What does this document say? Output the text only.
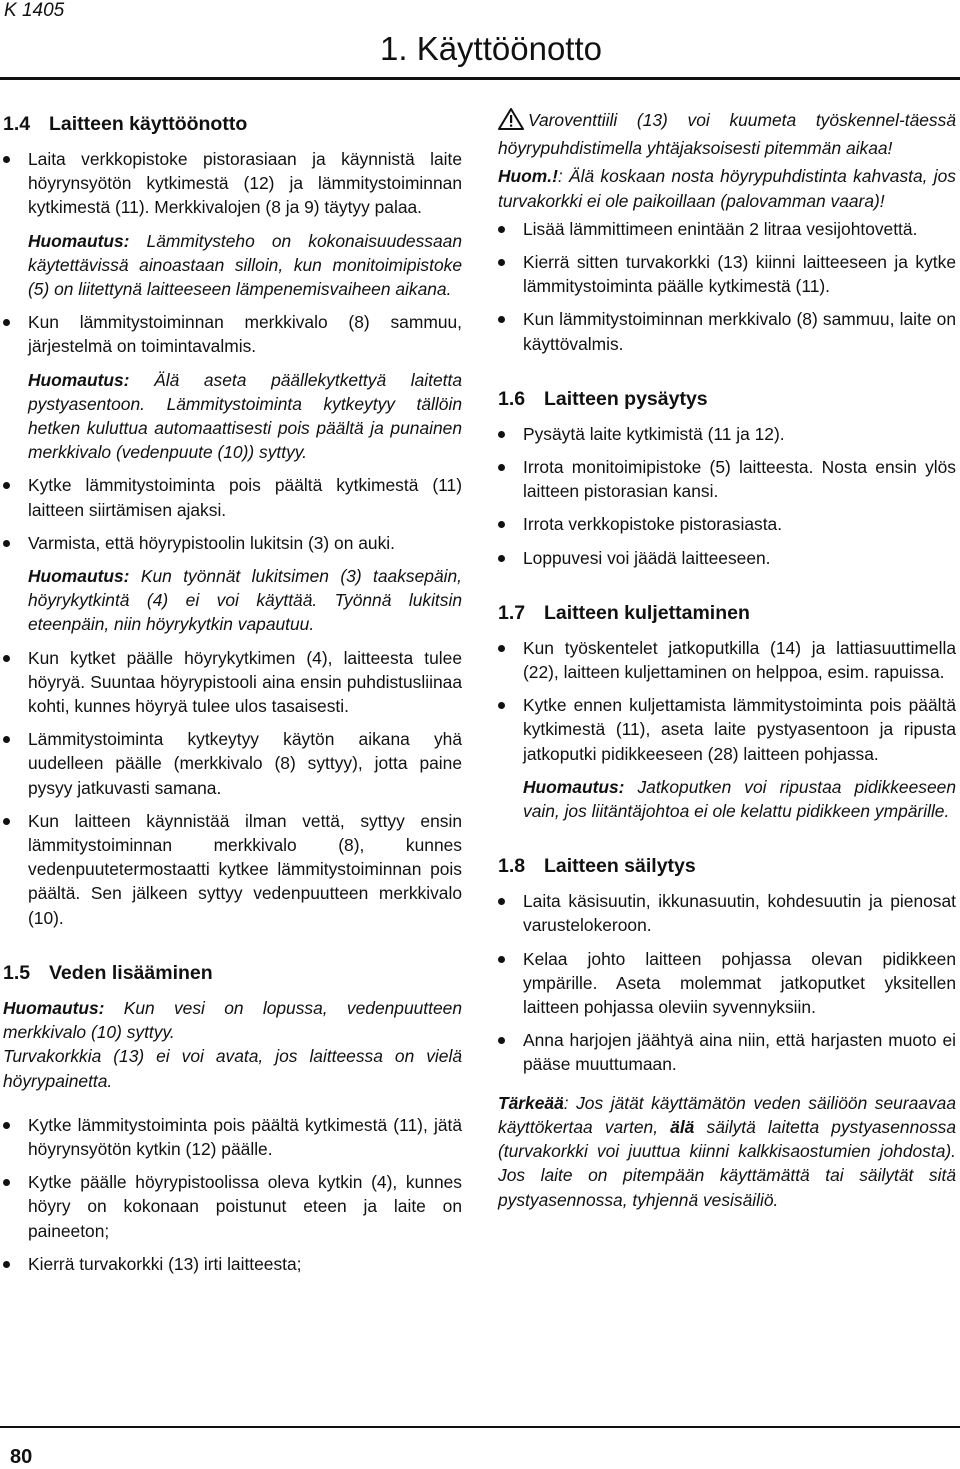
K 1405
1. Käyttöönotto
1.4 Laitteen käyttöönotto
Laita verkkopistoke pistorasiaan ja käynnistä laite höyrynsyötön kytkimestä (12) ja lämmitystoiminnan kytkimestä (11). Merkkivalojen (8 ja 9) täytyy palaa.
Huomautus: Lämmitysteho on kokonaisuudessaan käytettävissä ainoastaan silloin, kun monitoimipistoke (5) on liitettynä laitteeseen lämpenemisvaiheen aikana.
Kun lämmitystoiminnan merkkivalo (8) sammuu, järjestelmä on toimintavalmis.
Huomautus: Älä aseta päällekytkettyä laitetta pystyasentoon. Lämmitystoiminta kytkeytyy tällöin hetken kuluttua automaattisesti pois päältä ja punainen merkkivalo (vedenpuute (10)) syttyy.
Kytke lämmitystoiminta pois päältä kytkimestä (11) laitteen siirtämisen ajaksi.
Varmista, että höyrypistoolin lukitsin (3) on auki.
Huomautus: Kun työnnät lukitsimen (3) taaksepäin, höyrykytkintä (4) ei voi käyttää. Työnnä lukitsin eteenpäin, niin höyrykytkin vapautuu.
Kun kytket päälle höyrykytkimen (4), laitteesta tulee höyryä. Suuntaa höyrypistooli aina ensin puhdistusliinaa kohti, kunnes höyryä tulee ulos tasaisesti.
Lämmitystoiminta kytkeytyy käytön aikana yhä uudelleen päälle (merkkivalo (8) syttyy), jotta paine pysyy jatkuvasti samana.
Kun laitteen käynnistää ilman vettä, syttyy ensin lämmitystoiminnan merkkivalo (8), kunnes vedenpuutetermostaatti kytkee lämmitystoiminnan pois päältä. Sen jälkeen syttyy vedenpuutteen merkkivalo (10).
1.5 Veden lisääminen
Huomautus: Kun vesi on lopussa, vedenpuutteen merkkivalo (10) syttyy.
Turvakorkkia (13) ei voi avata, jos laitteessa on vielä höyrypainetta.
Kytke lämmitystoiminta pois päältä kytkimestä (11), jätä höyrynsyötön kytkin (12) päälle.
Kytke päälle höyrypistoolissa oleva kytkin (4), kunnes höyry on kokonaan poistunut eteen ja laite on paineeton;
Kierrä turvakorkki (13) irti laitteesta;
Varoventtiili (13) voi kuumeta työskennel-täessä höyrypuhdistimella yhtäjaksoisesti pitemmän aikaa!
Huom.!: Älä koskaan nosta höyrypuhdistinta kahvasta, jos turvakorkki ei ole paikoillaan (palovamman vaara)!
Lisää lämmittimeen enintään 2 litraa vesijohtovettä.
Kierrä sitten turvakorkki (13) kiinni laitteeseen ja kytke lämmitystoiminta päälle kytkimestä (11).
Kun lämmitystoiminnan merkkivalo (8) sammuu, laite on käyttövalmis.
1.6 Laitteen pysäytys
Pysäytä laite kytkimistä (11 ja 12).
Irrota monitoimipistoke (5) laitteesta. Nosta ensin ylös laitteen pistorasian kansi.
Irrota verkkopistoke pistorasiasta.
Loppuvesi voi jäädä laitteeseen.
1.7 Laitteen kuljettaminen
Kun työskentelet jatkoputkilla (14) ja lattiasuuttimella (22), laitteen kuljettaminen on helppoa, esim. rapuissa.
Kytke ennen kuljettamista lämmitystoiminta pois päältä kytkimestä (11), aseta laite pystyasentoon ja ripusta jatkoputki pidikkeeseen (28) laitteen pohjassa.
Huomautus: Jatkoputken voi ripustaa pidikkeeseen vain, jos liitäntäjohtoa ei ole kelattu pidikkeen ympärille.
1.8 Laitteen säilytys
Laita käsisuutin, ikkunasuutin, kohdesuutin ja pienosat varustelokeroon.
Kelaa johto laitteen pohjassa olevan pidikkeen ympärille. Aseta molemmat jatkoputket yksitellen laitteen pohjassa oleviin syvennyksiin.
Anna harjojen jäähtyä aina niin, että harjasten muoto ei pääse muuttumaan.
Tärkeää: Jos jätät käyttämätön veden säiliöön seuraavaa käyttökertaa varten, älä säilytä laitetta pystyasennossa (turvakorkki voi juuttua kiinni kalkkisaostumien johdosta). Jos laite on pitempään käyttämättä tai säilytät sitä pystyasennossa, tyhjennä vesisäiliö.
80
